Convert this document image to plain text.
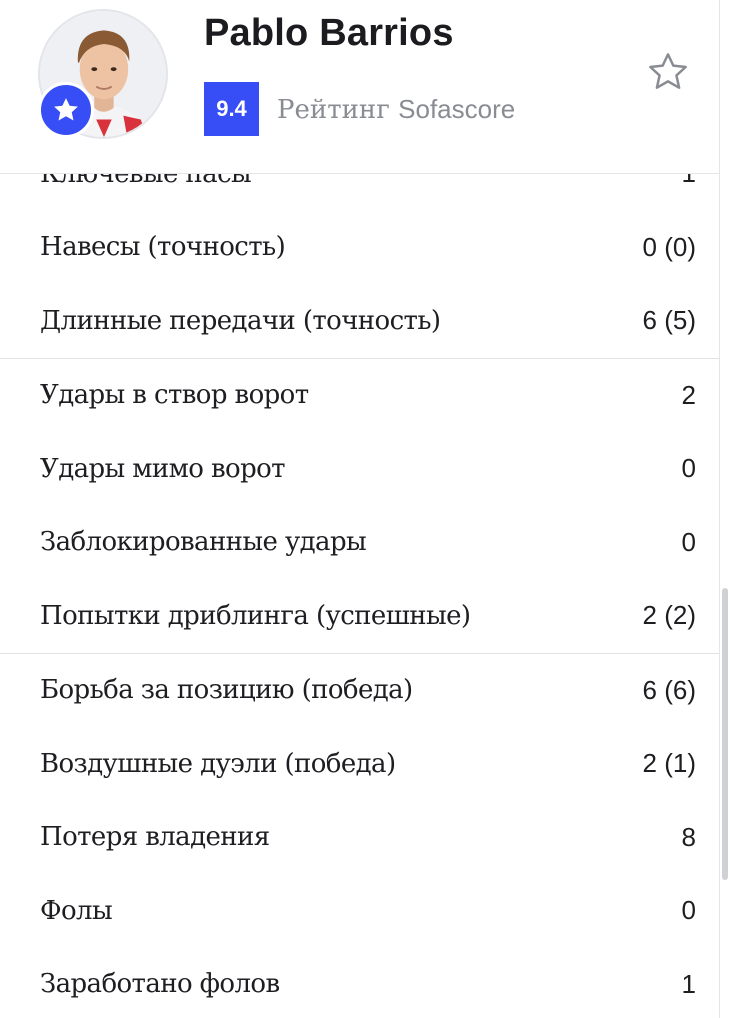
Pablo Barrios
9.4	Рейтинг Sofascore
Навесы (точность)	0 (0)
Длинные передачи (точность)	6 (5)
Удары в створ ворот	2
Удары мимо ворот	0
Заблокированные удары	0
Попытки дриблинга (успешные)	2 (2)
Борьба за позицию (победа)	6 (6)
Воздушные дуэли (победа)	2 (1)
Потеря владения	8
Фолы	0
Заработано фолов	1
